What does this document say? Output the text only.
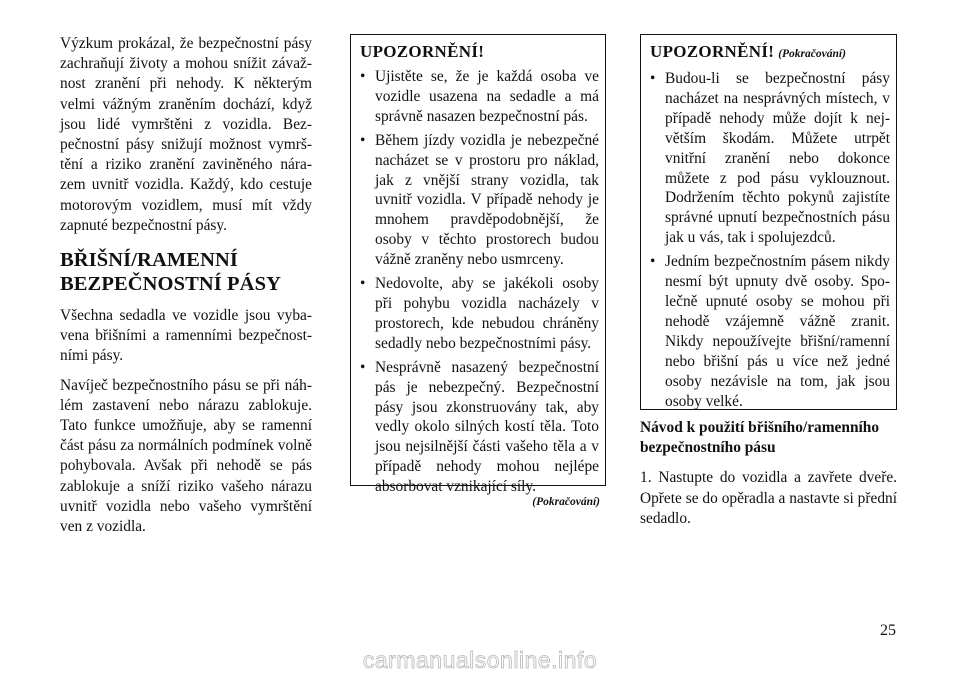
Výzkum prokázal, že bezpečnostní pásy zachraňují životy a mohou snížit závažnost zranění při nehody. K některým velmi vážným zraněním dochází, když jsou lidé vymrštěni z vozidla. Bezpečnostní pásy snižují možnost vymrštění a riziko zranění zaviněného nárazem uvnitř vozidla. Každý, kdo cestuje motorovým vozidlem, musí mít vždy zapnuté bezpečnostní pásy.

BŘIŠNÍ/RAMENNÍ BEZPEČNOSTNÍ PÁSY

Všechna sedadla ve vozidle jsou vybavena břišními a ramenními bezpečnostními pásy.

Navíječ bezpečnostního pásu se při náhlém zastavení nebo nárazu zablokuje. Tato funkce umožňuje, aby se ramenní část pásu za normálních podmínek volně pohybovala. Avšak při nehodě se pás zablokuje a sníží riziko vašeho nárazu uvnitř vozidla nebo vašeho vymrštění ven z vozidla.

UPOZORNĚNÍ!
• Ujistěte se, že je každá osoba ve vozidle usazena na sedadle a má správně nasazen bezpečnostní pás.
• Během jízdy vozidla je nebezpečné nacházet se v prostoru pro náklad, jak z vnější strany vozidla, tak uvnitř vozidla. V případě nehody je mnohem pravděpodobnější, že osoby v těchto prostorech budou vážně zraněny nebo usmrceny.
• Nedovolte, aby se jakékoli osoby při pohybu vozidla nacházely v prostorech, kde nebudou chráněny sedadly nebo bezpečnostními pásy.
• Nesprávně nasazený bezpečnostní pás je nebezpečný. Bezpečnostní pásy jsou zkonstruovány tak, aby vedly okolo silných kostí těla. Toto jsou nejsilnější části vašeho těla a v případě nehody mohou nejlépe absorbovat vznikající síly.
(Pokračování)
UPOZORNĚNÍ! (Pokračování)
• Budou-li se bezpečnostní pásy nacházet na nesprávných místech, v případě nehody může dojít k největším škodám. Můžete utrpět vnitřní zranění nebo dokonce můžete z pod pásu vyklouznout. Dodržením těchto pokynů zajistíte správné upnutí bezpečnostních pásu jak u vás, tak i spolujezdců.
• Jedním bezpečnostním pásem nikdy nesmí být upnuty dvě osoby. Společně upnuté osoby se mohou při nehodě vzájemně vážně zranit. Nikdy nepoužívejte břišní/ramenní nebo břišní pás u více než jedné osoby nezávisle na tom, jak jsou osoby velké.
Návod k použití břišního/ramenního bezpečnostního pásu

1. Nastupte do vozidla a zavřete dveře. Opřete se do opěradla a nastavte si přední sedadlo.

25
carmanualsonline.info
